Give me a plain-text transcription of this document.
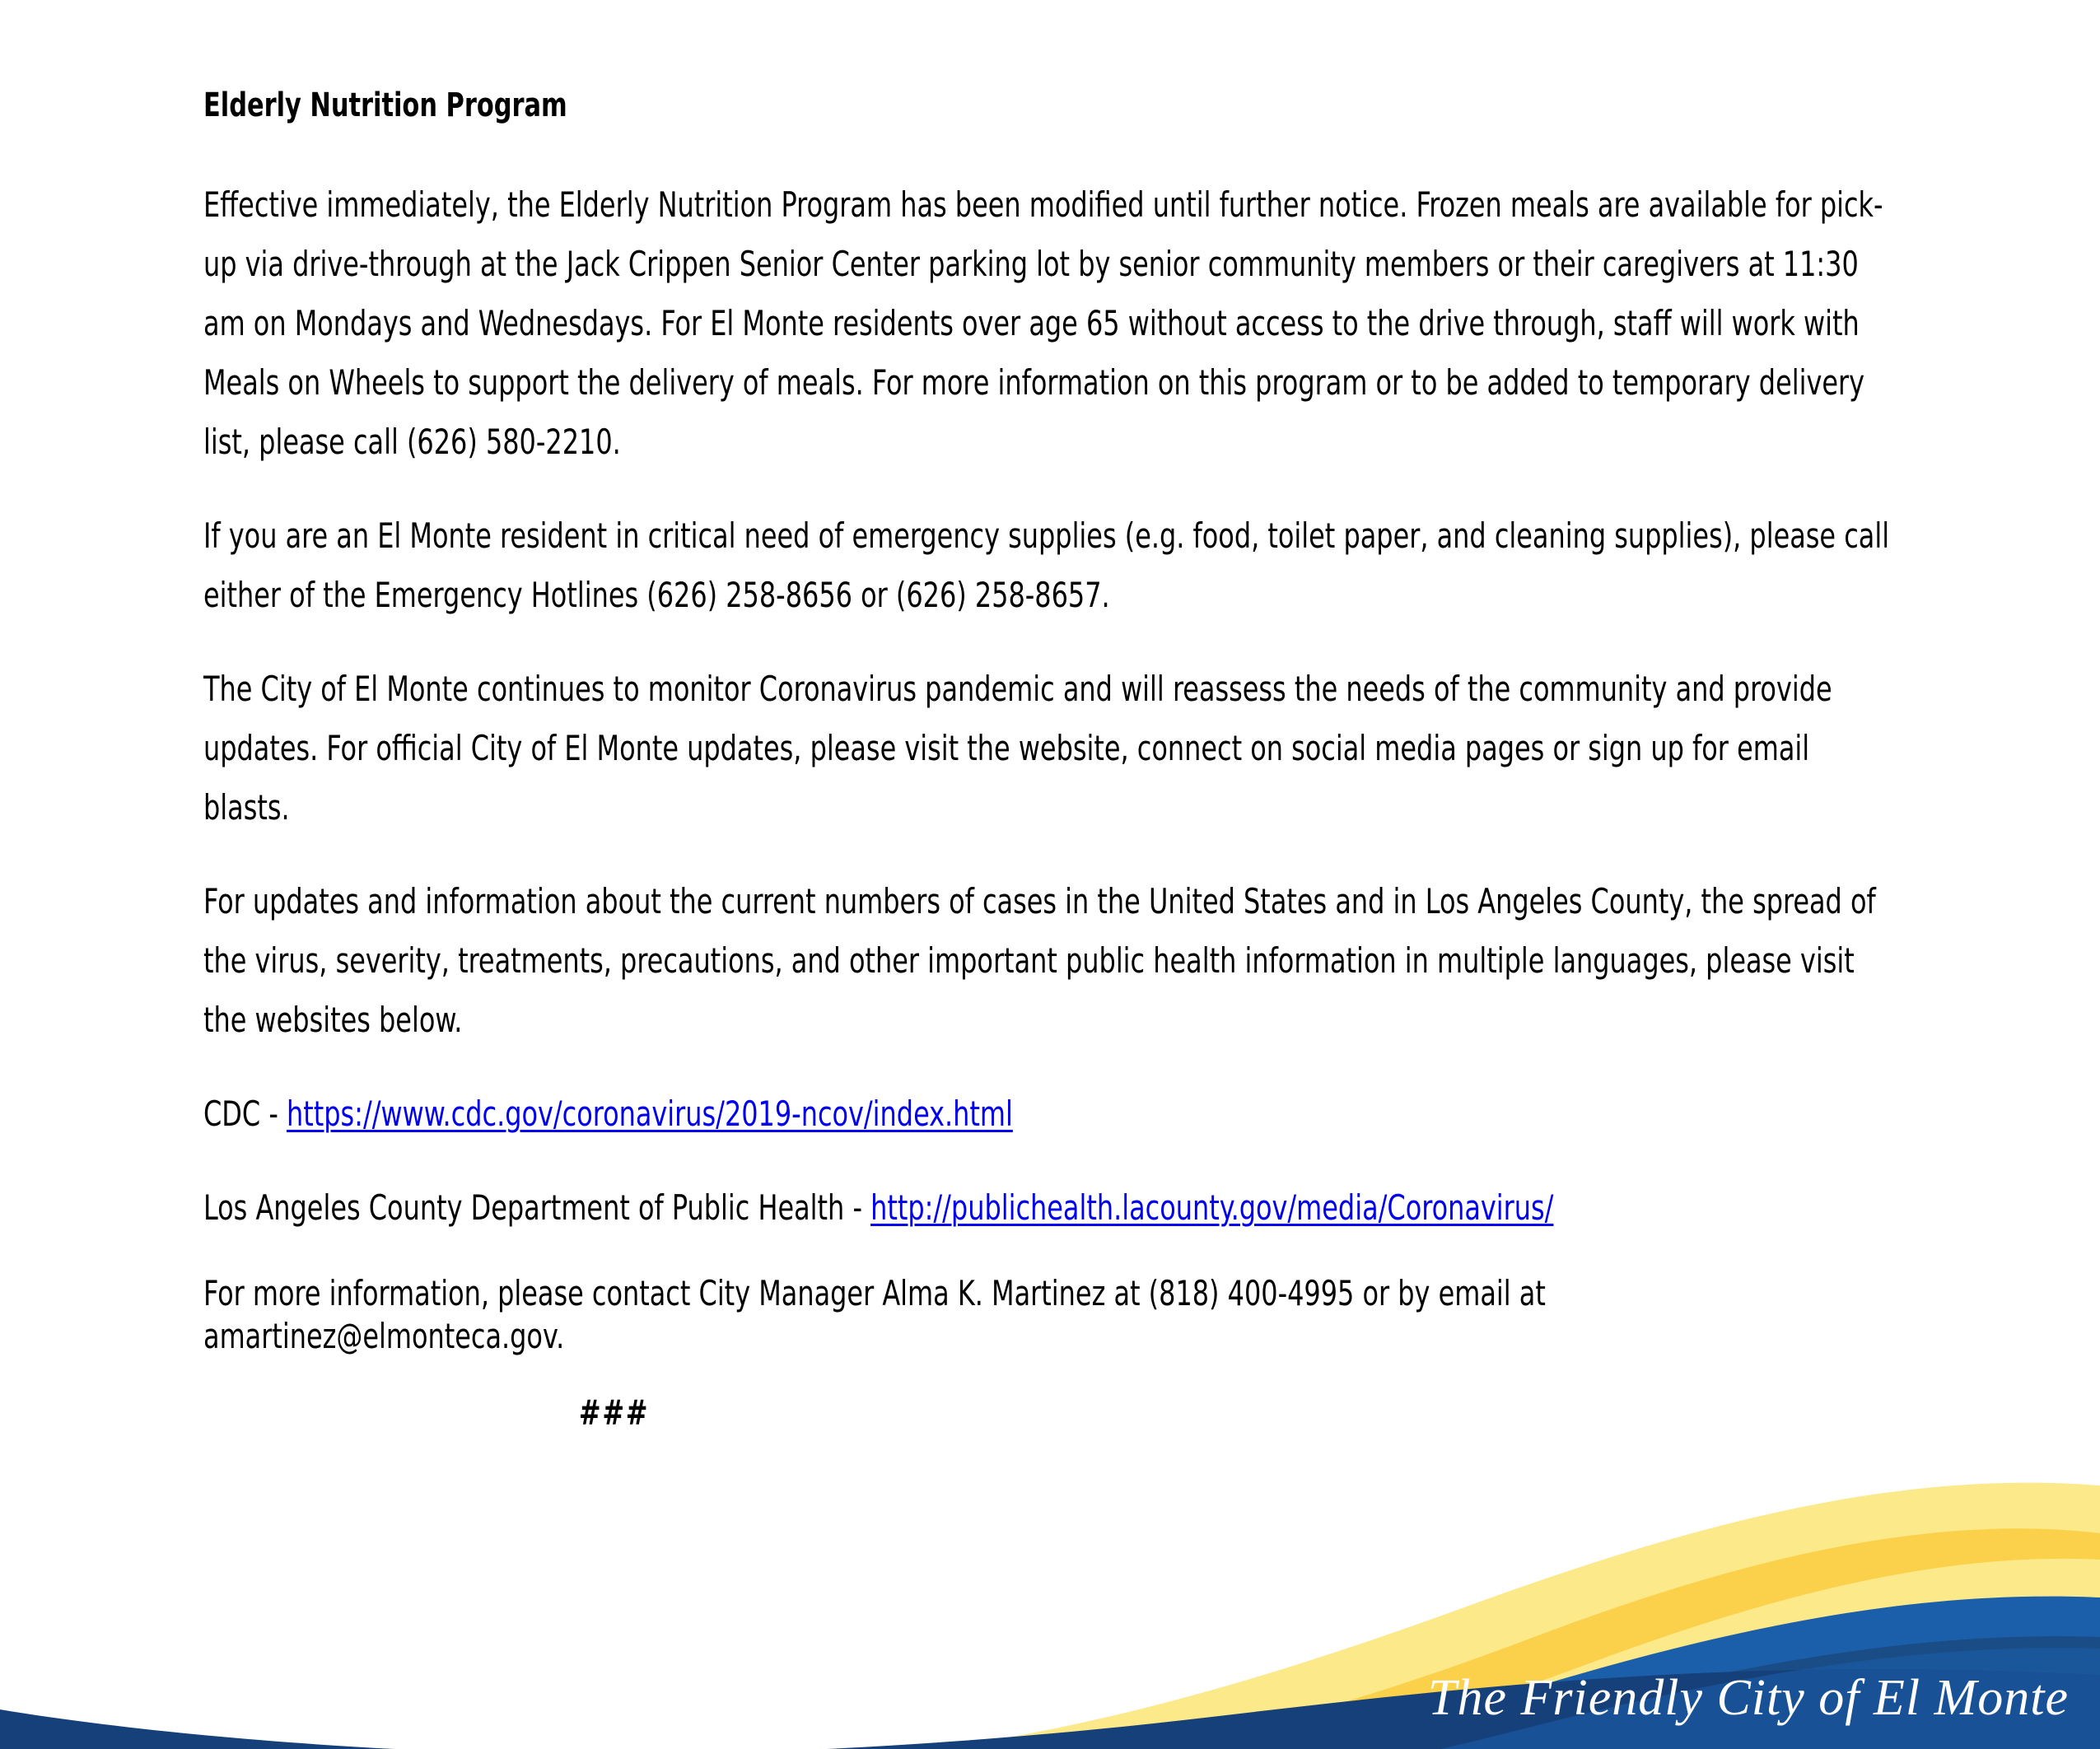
Elderly Nutrition Program

Effective immediately, the Elderly Nutrition Program has been modified until further notice. Frozen meals are available for pick-up via drive-through at the Jack Crippen Senior Center parking lot by senior community members or their caregivers at 11:30 am on Mondays and Wednesdays. For El Monte residents over age 65 without access to the drive through, staff will work with Meals on Wheels to support the delivery of meals. For more information on this program or to be added to temporary delivery list, please call (626) 580-2210.

If you are an El Monte resident in critical need of emergency supplies (e.g. food, toilet paper, and cleaning supplies), please call either of the Emergency Hotlines (626) 258-8656 or (626) 258-8657.

The City of El Monte continues to monitor Coronavirus pandemic and will reassess the needs of the community and provide updates. For official City of El Monte updates, please visit the website, connect on social media pages or sign up for email blasts.

For updates and information about the current numbers of cases in the United States and in Los Angeles County, the spread of the virus, severity, treatments, precautions, and other important public health information in multiple languages, please visit the websites below.

CDC - https://www.cdc.gov/coronavirus/2019-ncov/index.html

Los Angeles County Department of Public Health - http://publichealth.lacounty.gov/media/Coronavirus/

For more information, please contact City Manager Alma K. Martinez at (818) 400-4995 or by email at amartinez@elmonteca.gov.

###
The Friendly City of El Monte
